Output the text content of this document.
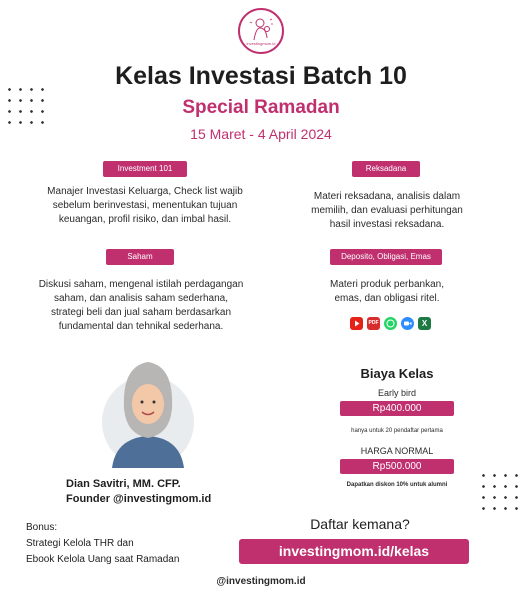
investingmom.id
Kelas Investasi Batch 10
Special Ramadan
15 Maret - 4 April 2024
Investment 101
Manajer Investasi Keluarga, Check list wajib
sebelum berinvestasi, menentukan tujuan
keuangan, profil risiko, dan imbal hasil.
Reksadana
Materi reksadana, analisis dalam
memilih, dan evaluasi perhitungan
hasil investasi reksadana.
Saham
Diskusi saham, mengenal istilah perdagangan
saham, dan analisis saham sederhana,
strategi beli dan jual saham berdasarkan
fundamental dan tehnikal sederhana.
Deposito, Obligasi, Emas
Materi produk perbankan,
emas, dan obligasi ritel.
PDF	X
Dian Savitri, MM. CFP.
Founder @investingmom.id
Biaya Kelas
Early bird
Rp400.000
hanya untuk 20 pendaftar pertama
HARGA NORMAL
Rp500.000
Dapatkan diskon 10% untuk alumni
Bonus:
Strategi Kelola THR dan
Ebook Kelola Uang saat Ramadan
Daftar kemana?
investingmom.id/kelas
@investingmom.id
